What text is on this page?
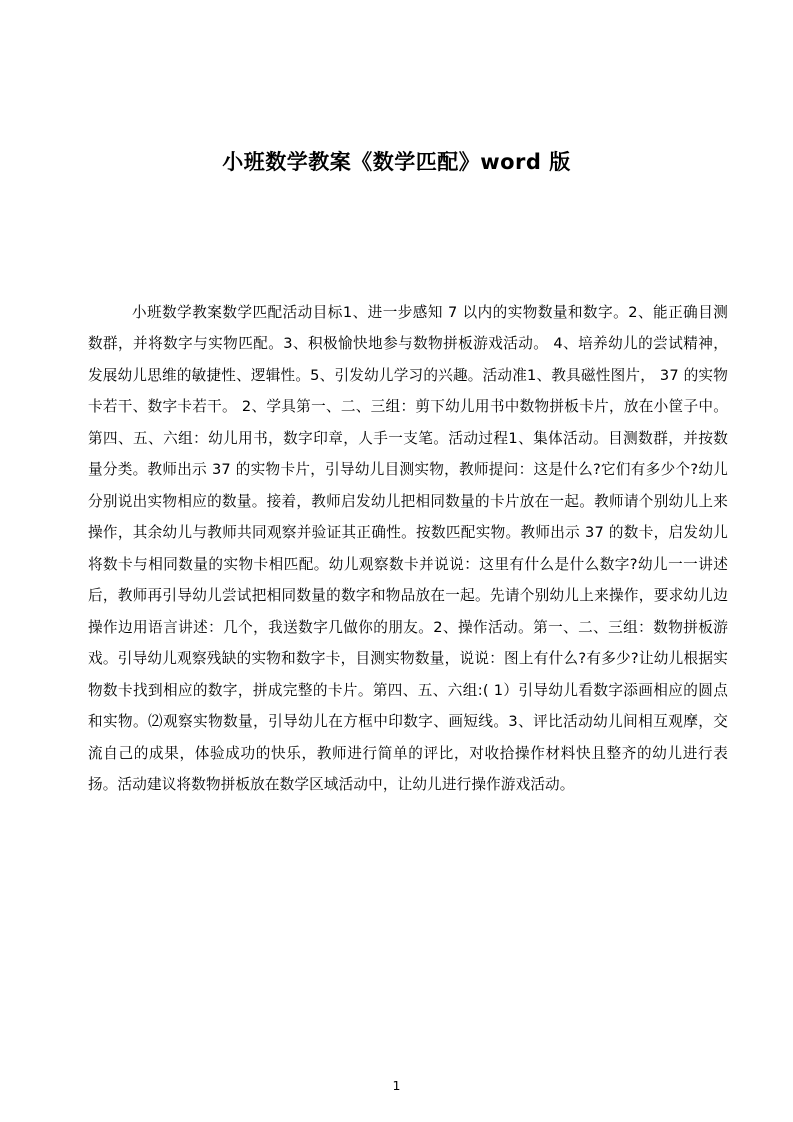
小班数学教案《数学匹配》word 版

小班数学教案数学匹配活动目标1、进一步感知 7 以内的实物数量和数字。2、能正确目测数群，并将数字与实物匹配。3、积极愉快地参与数物拼板游戏活动。 4、培养幼儿的尝试精神，发展幼儿思维的敏捷性、逻辑性。5、引发幼儿学习的兴趣。活动准1、教具磁性图片， 37 的实物卡若干、数字卡若干。 2、学具第一、二、三组：剪下幼儿用书中数物拼板卡片，放在小筐子中。第四、五、六组：幼儿用书，数字印章，人手一支笔。活动过程1、集体活动。目测数群，并按数量分类。教师出示 37 的实物卡片，引导幼儿目测实物，教师提问：这是什么?它们有多少个?幼儿分别说出实物相应的数量。接着，教师启发幼儿把相同数量的卡片放在一起。教师请个别幼儿上来操作，其余幼儿与教师共同观察并验证其正确性。按数匹配实物。教师出示 37 的数卡，启发幼儿将数卡与相同数量的实物卡相匹配。幼儿观察数卡并说说：这里有什么是什么数字?幼儿一一讲述后，教师再引导幼儿尝试把相同数量的数字和物品放在一起。先请个别幼儿上来操作，要求幼儿边操作边用语言讲述：几个，我送数字几做你的朋友。2、操作活动。第一、二、三组：数物拼板游戏。引导幼儿观察残缺的实物和数字卡，目测实物数量，说说：图上有什么?有多少?让幼儿根据实物数卡找到相应的数字，拼成完整的卡片。第四、五、六组:( 1）引导幼儿看数字添画相应的圆点和实物。⑵观察实物数量，引导幼儿在方框中印数字、画短线。3、评比活动幼儿间相互观摩，交流自己的成果，体验成功的快乐，教师进行简单的评比，对收拾操作材料快且整齐的幼儿进行表扬。活动建议将数物拼板放在数学区域活动中，让幼儿进行操作游戏活动。

1
